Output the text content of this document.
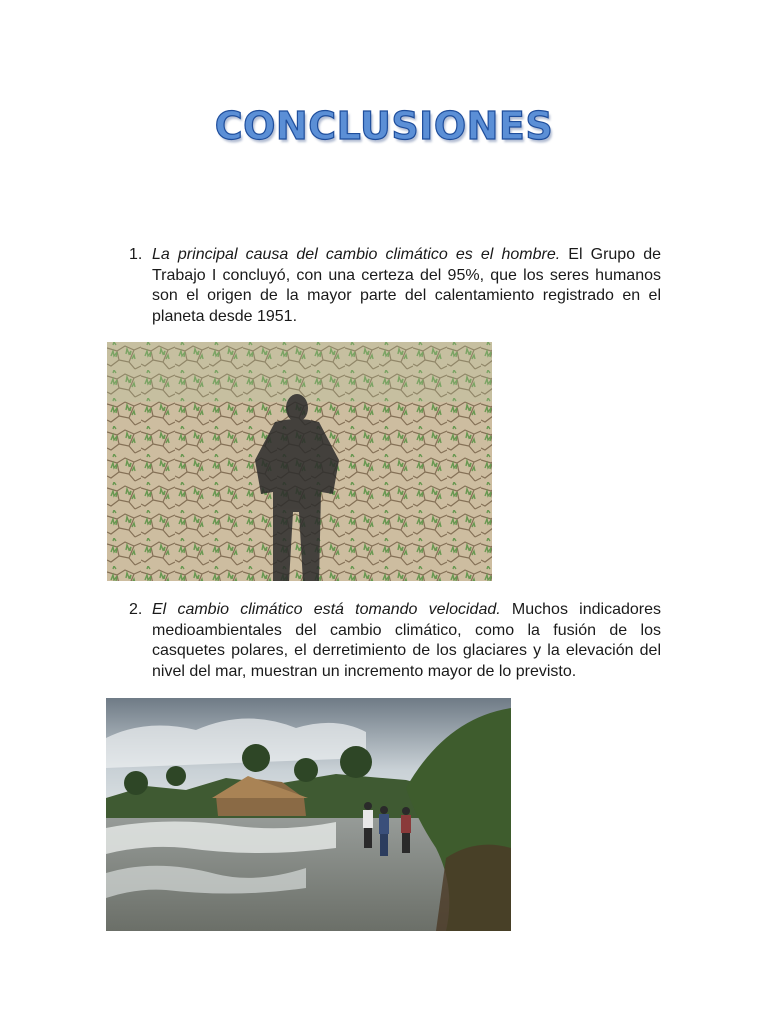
CONCLUSIONES
1. La principal causa del cambio climático es el hombre. El Grupo de Trabajo I concluyó, con una certeza del 95%, que los seres humanos son el origen de la mayor parte del calentamiento registrado en el planeta desde 1951.
2. El cambio climático está tomando velocidad. Muchos indicadores medioambientales del cambio climático, como la fusión de los casquetes polares, el derretimiento de los glaciares y la elevación del nivel del mar, muestran un incremento mayor de lo previsto.
